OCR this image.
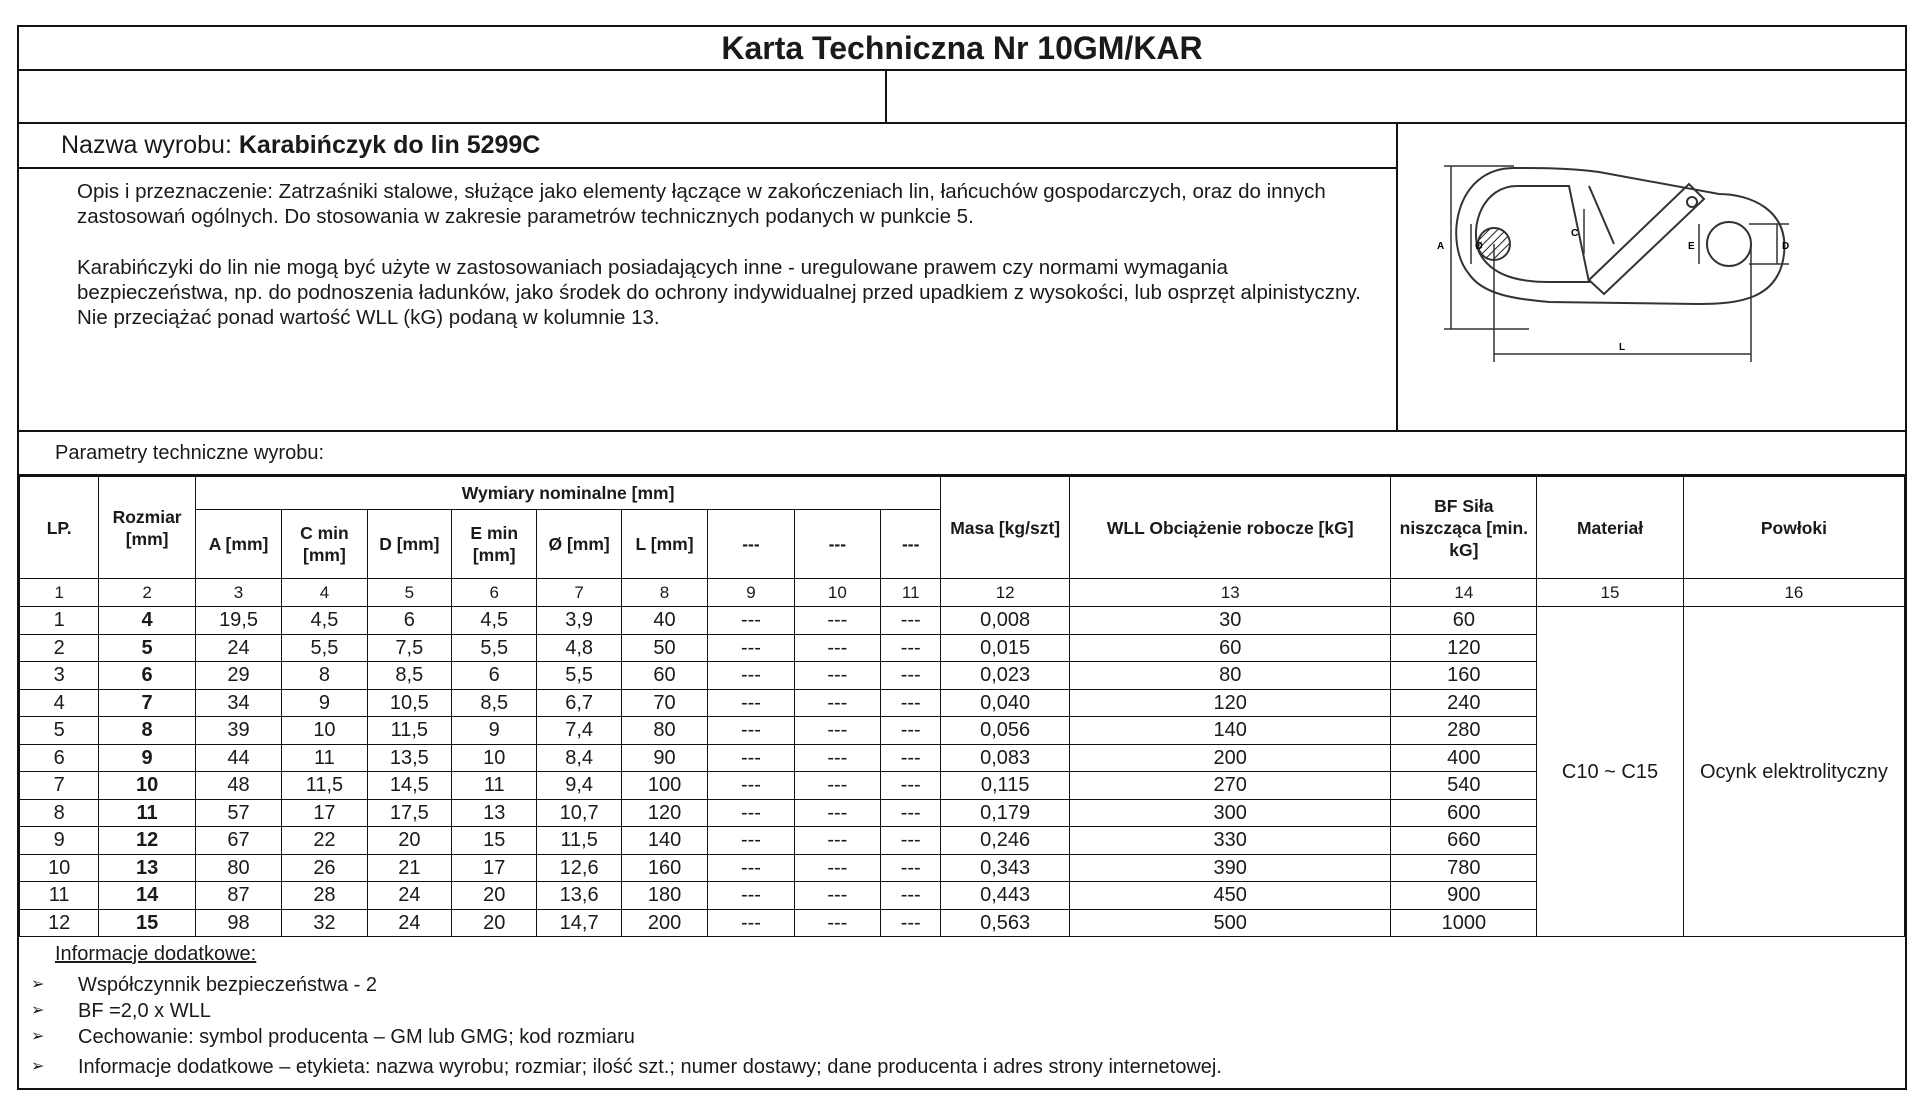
Karta Techniczna Nr 10GM/KAR
Nazwa wyrobu: Karabińczyk do lin 5299C

Opis i przeznaczenie: Zatrzaśniki stalowe, służące jako elementy łączące w zakończeniach lin, łańcuchów gospodarczych, oraz do innych zastosowań ogólnych. Do stosowania w zakresie parametrów technicznych podanych w punkcie 5.

Karabińczyki do lin nie mogą być użyte w zastosowaniach posiadających inne - uregulowane prawem czy normami wymagania bezpieczeństwa, np. do podnoszenia ładunków, jako środek do ochrony indywidualnej przed upadkiem z wysokości, lub osprzęt alpinistyczny. Nie przeciążać ponad wartość WLL (kG) podaną w kolumnie 13.

A	Ø
C
E	D
L
Parametry techniczne wyrobu:
LP.	Rozmiar [mm]	Wymiary nominalne [mm]									Masa [kg/szt]	WLL Obciążenie robocze [kG]	BF Siła niszcząca [min. kG]	Materiał	Powłoki
		A [mm]	C min [mm]	D [mm]	E min [mm]	Ø [mm]	L [mm]	---	---	---					
1	2	3	4	5	6	7	8	9	10	11	12	13	14	15	16
1	4	19,5	4,5	6	4,5	3,9	40	---	---	---	0,008	30	60	C10 ~ C15	Ocynk elektrolityczny
2	5	24	5,5	7,5	5,5	4,8	50	---	---	---	0,015	60	120		
3	6	29	8	8,5	6	5,5	60	---	---	---	0,023	80	160		
4	7	34	9	10,5	8,5	6,7	70	---	---	---	0,040	120	240		
5	8	39	10	11,5	9	7,4	80	---	---	---	0,056	140	280		
6	9	44	11	13,5	10	8,4	90	---	---	---	0,083	200	400		
7	10	48	11,5	14,5	11	9,4	100	---	---	---	0,115	270	540		
8	11	57	17	17,5	13	10,7	120	---	---	---	0,179	300	600		
9	12	67	22	20	15	11,5	140	---	---	---	0,246	330	660		
10	13	80	26	21	17	12,6	160	---	---	---	0,343	390	780		
11	14	87	28	24	20	13,6	180	---	---	---	0,443	450	900		
12	15	98	32	24	20	14,7	200	---	---	---	0,563	500	1000		
Informacje dodatkowe:
➢ Współczynnik bezpieczeństwa - 2
➢ BF =2,0 x WLL
➢ Cechowanie: symbol producenta – GM lub GMG; kod rozmiaru
➢ Informacje dodatkowe – etykieta: nazwa wyrobu; rozmiar; ilość szt.; numer dostawy; dane producenta i adres strony internetowej.
